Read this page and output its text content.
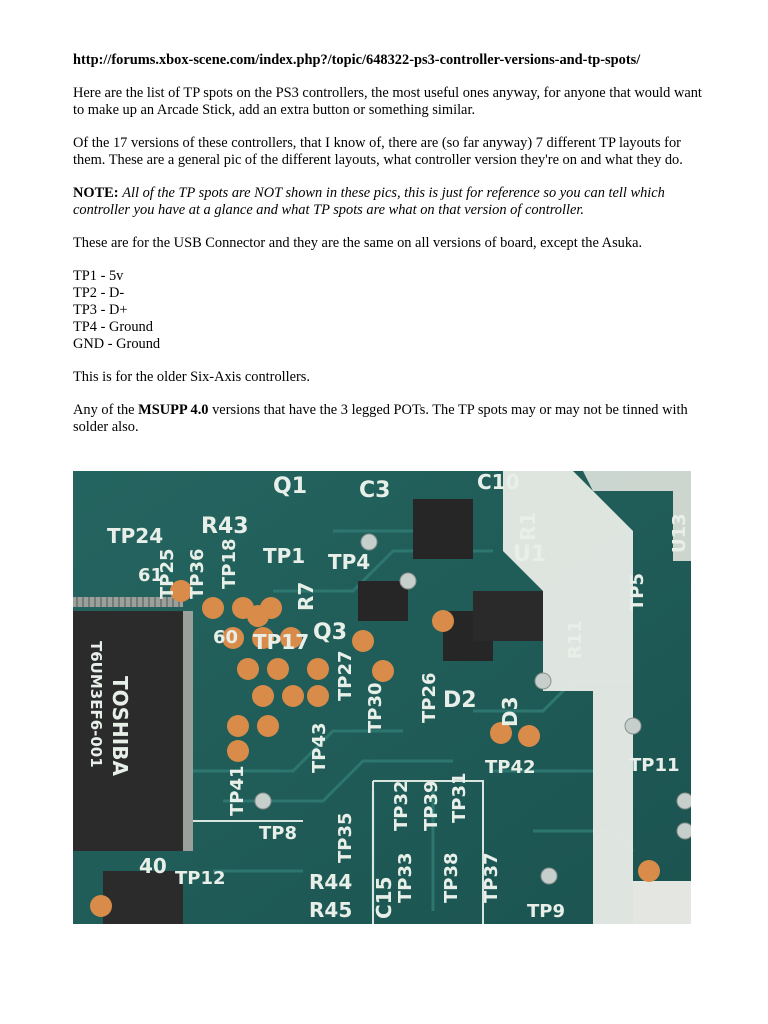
http://forums.xbox-scene.com/index.php?/topic/648322-ps3-controller-versions-and-tp-spots/

Here are the list of TP spots on the PS3 controllers, the most useful ones anyway, for anyone that would want to make up an Arcade Stick, add an extra button or something similar.

Of the 17 versions of these controllers, that I know of, there are (so far anyway) 7 different TP layouts for them. These are a general pic of the different layouts, what controller version they're on and what they do.

NOTE: All of the TP spots are NOT shown in these pics, this is just for reference so you can tell which controller you have at a glance and what TP spots are what on that version of controller.

These are for the USB Connector and they are the same on all versions of board, except the Asuka.

TP1 - 5v
TP2 - D-
TP3 - D+
TP4 - Ground
GND - Ground

This is for the older Six-Axis controllers.

Any of the MSUPP 4.0 versions that have the 3 legged POTs. The TP spots may or may not be tinned with solder also.

TOSHIBA
T6UM3EF6-001
Q1 C3	C10
TP24 R43
TP25 TP36 TP18 TP1
R7
TP4
R1
U1
U13
TP5
61
60 TP17 Q3	R11
TP27
TP30 TP26 D2 D3
TP42	TP11
TP41
TP43
TP8 TP35
TP32 TP39 TP31
TP33 TP38 TP37
C15
40
TP12	R44
R45	TP9
